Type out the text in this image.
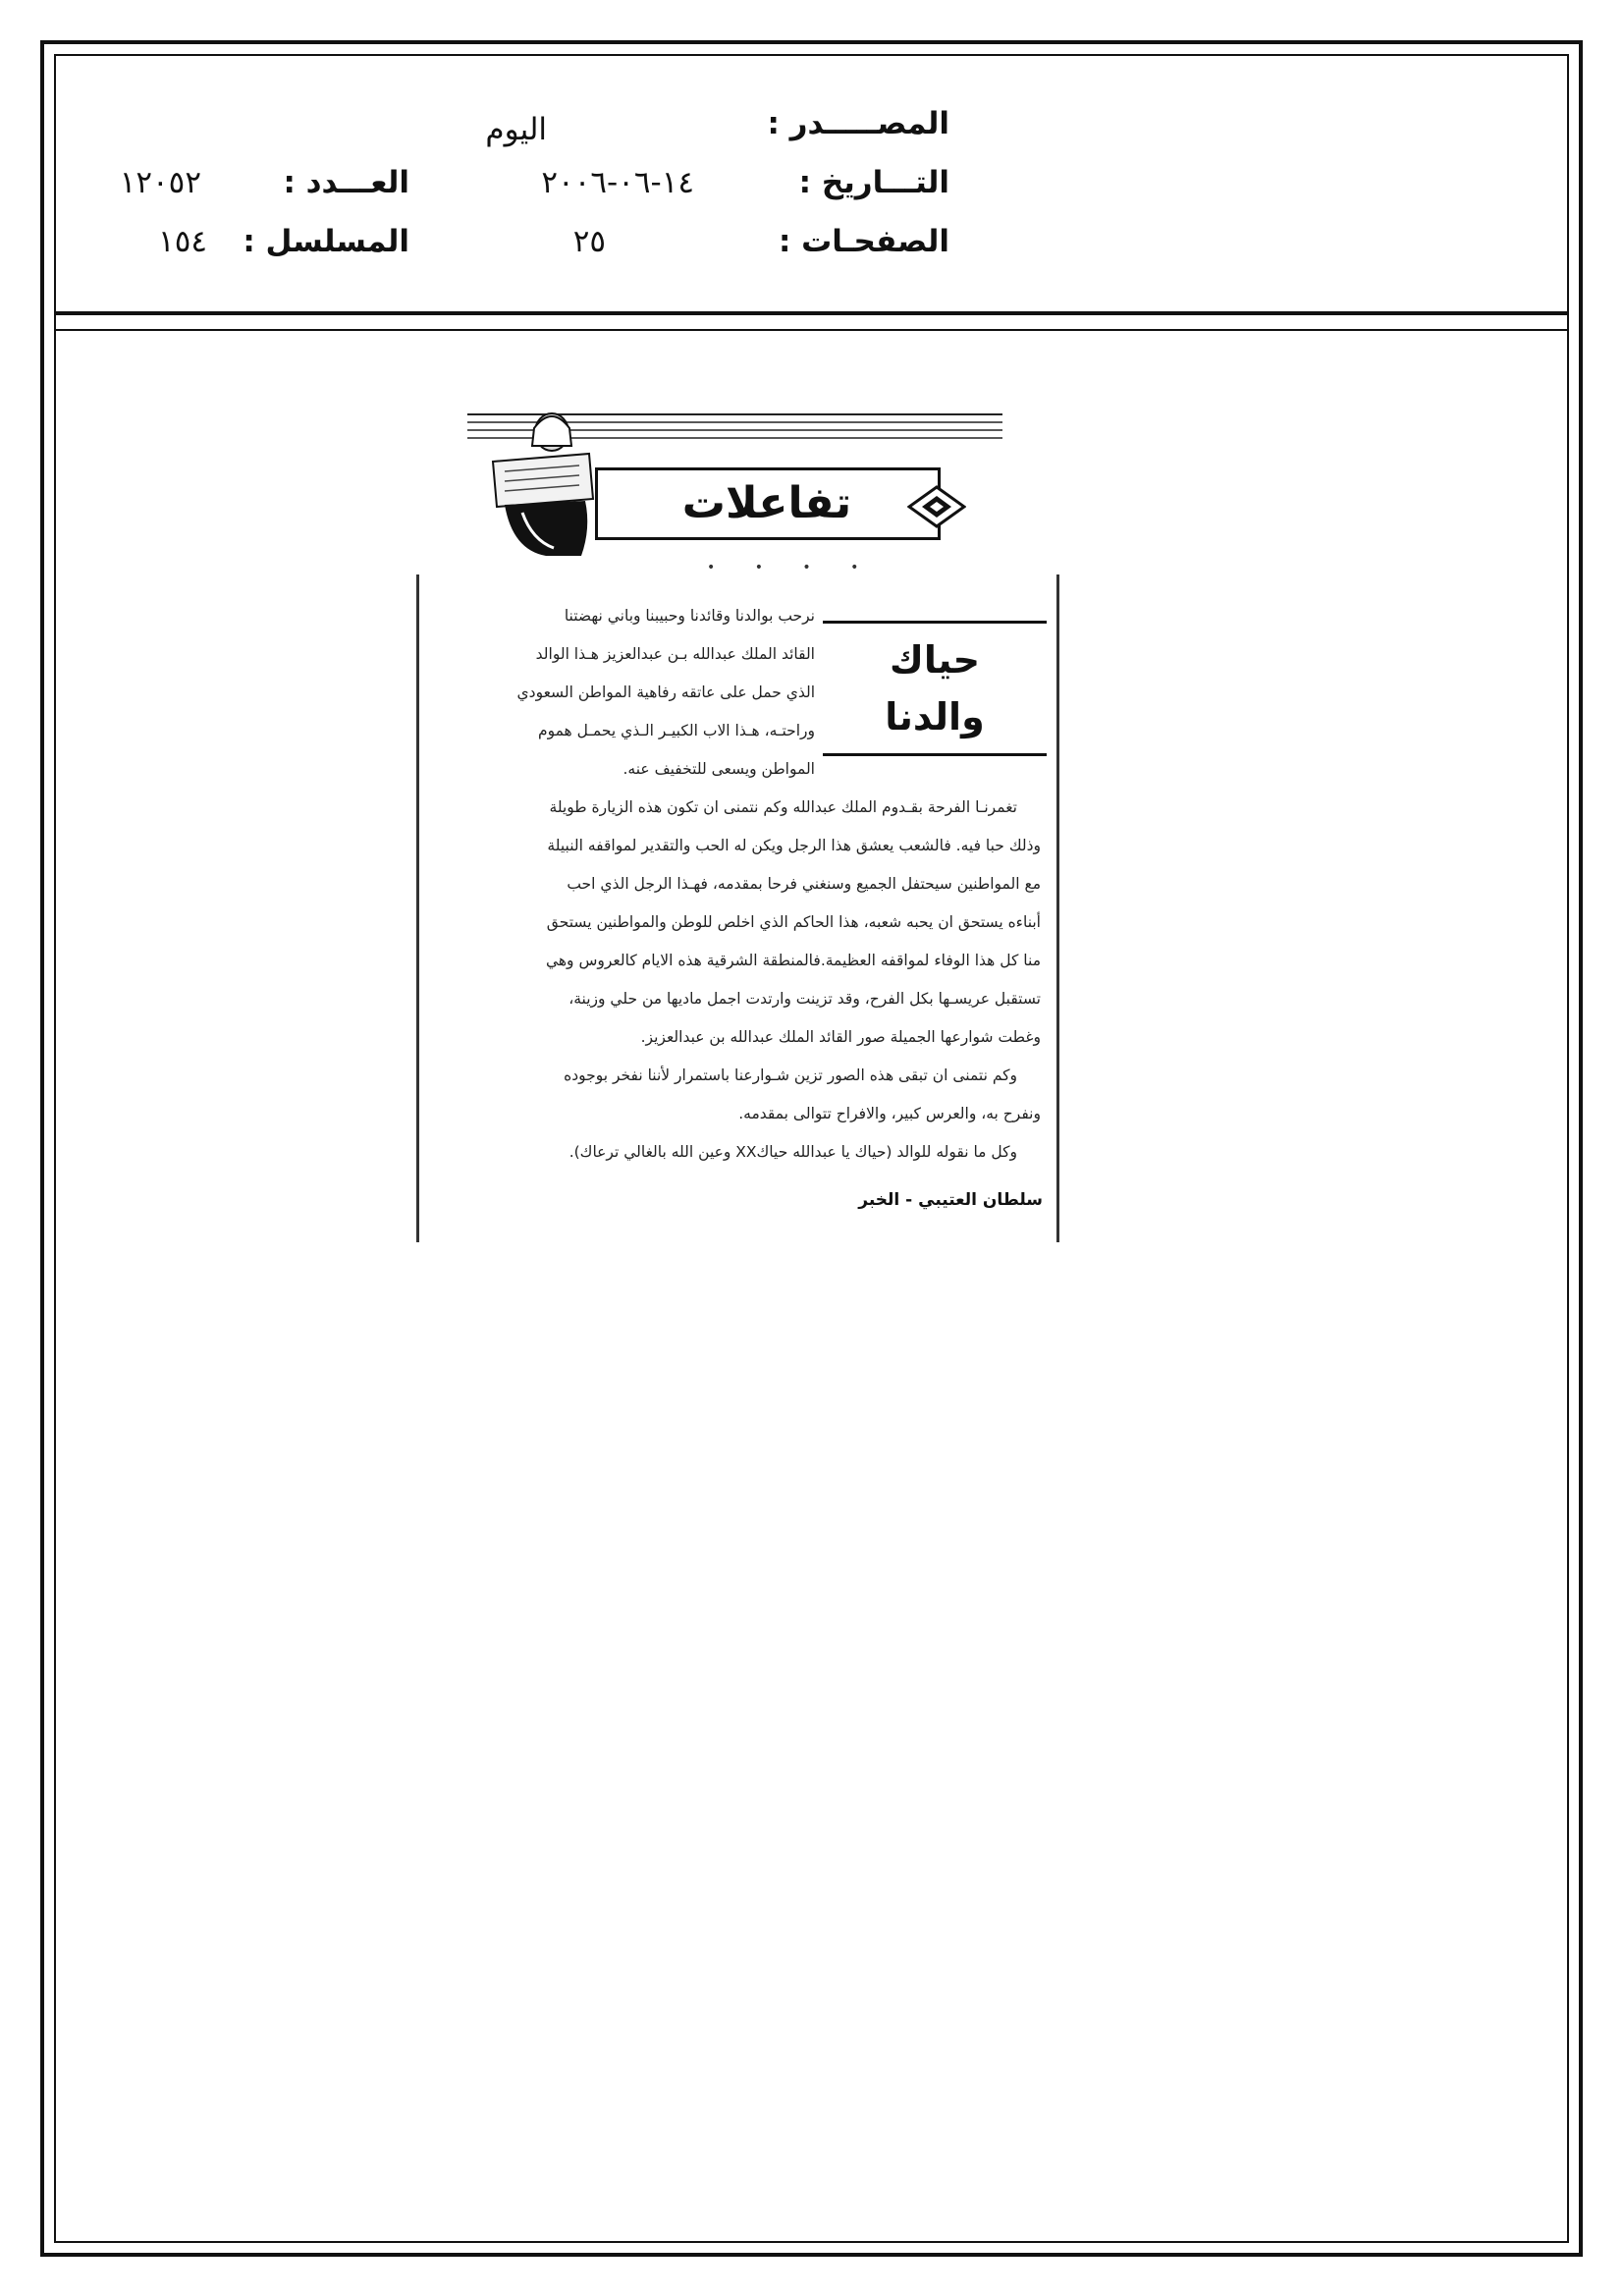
المصـــــدر :
اليوم
التـــاريخ :
١٤-٠٦-٢٠٠٦
العـــدد :
١٢٠٥٢
الصفحـات :
٢٥
المسلسل :
١٥٤
تفاعلات
• • • •
حياك
والدنا
نرحب بوالدنا وقائدنا وحبيبنا وباني نهضتنا
القائد الملك عبدالله بـن عبدالعزيز هـذا الوالد
الذي حمل على عاتقه رفاهية المواطن السعودي
وراحتـه، هـذا الاب الكبيـر الـذي يحمـل هموم
المواطن ويسعى للتخفيف عنه.
تغمرنـا الفرحة بقـدوم الملك عبدالله وكم نتمنى ان تكون هذه الزيارة طويلة
وذلك حبا فيه. فالشعب يعشق هذا الرجل ويكن له الحب والتقدير لمواقفه النبيلة
مع المواطنين سيحتفل الجميع وسنغني فرحا بمقدمه، فهـذا الرجل الذي احب
أبناءه يستحق ان يحبه شعبه، هذا الحاكم الذي اخلص للوطن والمواطنين يستحق
منا كل هذا الوفاء لمواقفه العظيمة.فالمنطقة الشرقية هذه الايام كالعروس وهي
تستقبل عريسـها بكل الفرح، وقد تزينت وارتدت اجمل ماديها من حلي وزينة،
وغطت شوارعها الجميلة صور القائد الملك عبدالله بن عبدالعزيز.
وكم نتمنى ان تبقى هذه الصور تزين شـوارعنا باستمرار لأننا نفخر بوجوده
ونفرح به، والعرس كبير، والافراح تتوالى بمقدمه.
وكل ما نقوله للوالد (حياك يا عبدالله حياكXX وعين الله بالغالي ترعاك).
سلطان العتيبي - الخبر
